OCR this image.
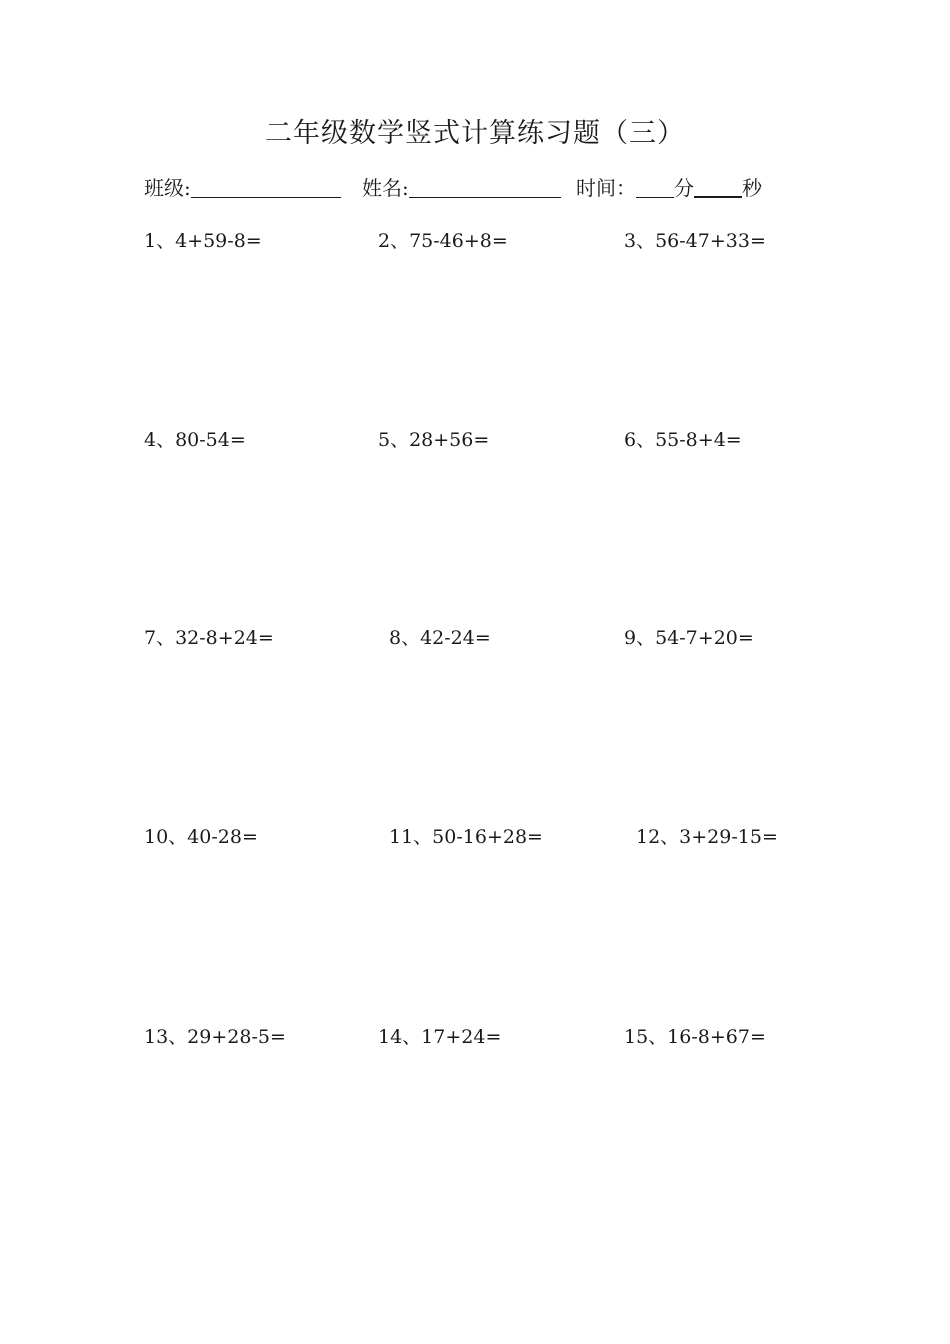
二年级数学竖式计算练习题（三）
班级:	姓名:	时间： 分 秒
1、4+59-8=	2、75-46+8=	3、56-47+33=
4、80-54=	5、28+56=	6、55-8+4=
7、32-8+24=	8、42-24=	9、54-7+20=
10、40-28=	11、50-16+28=	12、3+29-15=
13、29+28-5=	14、17+24=	15、16-8+67=
